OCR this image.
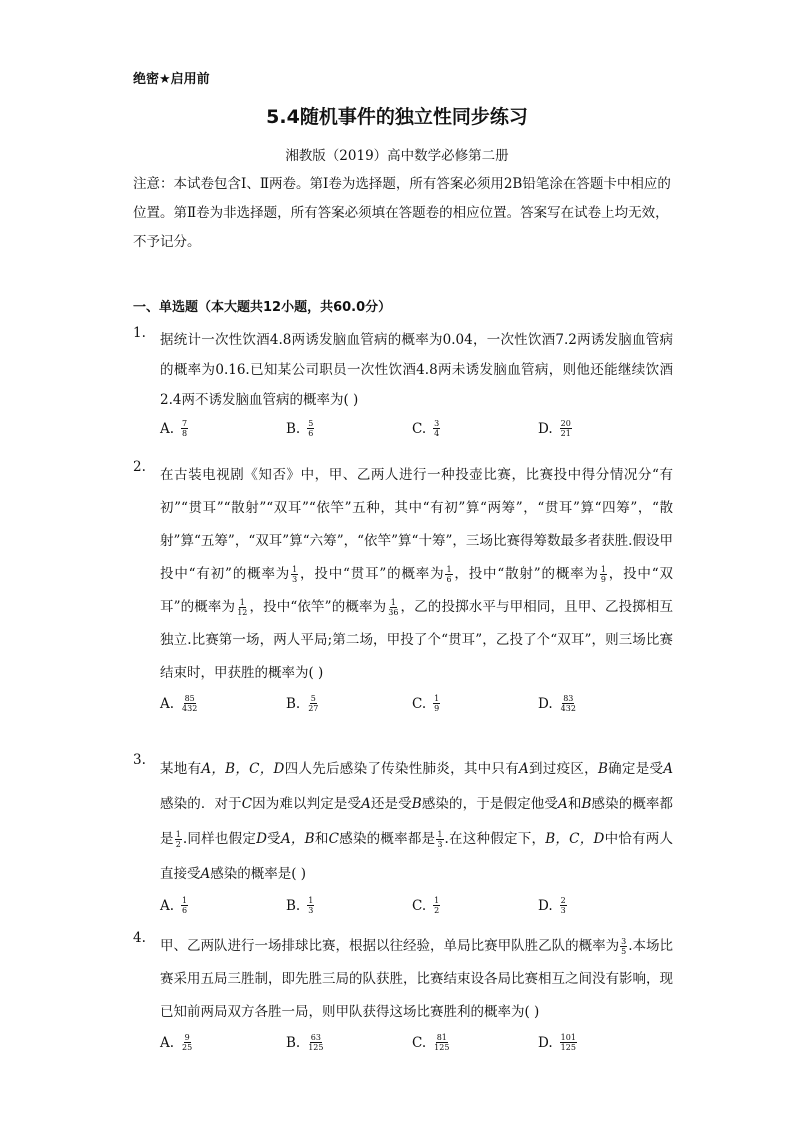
绝密★启用前
5.4随机事件的独立性同步练习
湘教版（2019）高中数学必修第二册
注意：本试卷包含Ⅰ、Ⅱ两卷。第Ⅰ卷为选择题，所有答案必须用2B铅笔涂在答题卡中相应的位置。第Ⅱ卷为非选择题，所有答案必须填在答题卷的相应位置。答案写在试卷上均无效，不予记分。
一、单选题（本大题共12小题，共60.0分）
1. 据统计一次性饮酒4.8两诱发脑血管病的概率为0.04，一次性饮酒7.2两诱发脑血管病的概率为0.16.已知某公司职员一次性饮酒4.8两未诱发脑血管病，则他还能继续饮酒2.4两不诱发脑血管病的概率为( )
A. $\frac{7}{8}$	B. $\frac{5}{6}$	C. $\frac{3}{4}$	D. $\frac{20}{21}$
2. 在古装电视剧《知否》中，甲、乙两人进行一种投壶比赛，比赛投中得分情况分“有初”“贯耳”“散射”“双耳”“依竿”五种，其中“有初”算“两筹”，“贯耳”算“四筹”，“散射”算“五筹”，“双耳”算“六筹”，“依竿”算“十筹”，三场比赛得筹数最多者获胜.假设甲投中“有初”的概率为 $\frac{1}{3}$ ，投中“贯耳”的概率为 $\frac{1}{6}$ ，投中“散射”的概率为 $\frac{1}{9}$ ，投中“双耳”的概率为 $\frac{1}{12}$ ，投中“依竿”的概率为 $\frac{1}{36}$ ，乙的投掷水平与甲相同，且甲、乙投掷相互独立.比赛第一场，两人平局;第二场，甲投了个“贯耳”，乙投了个“双耳”，则三场比赛结束时，甲获胜的概率为( )
A. $\frac{85}{432}$	B. $\frac{5}{27}$	C. $\frac{1}{9}$	D. $\frac{83}{432}$
3.
某地有A，B，C，D四人先后感染了传染性肺炎，其中只有A到过疫区，B确定是受A感染的．对于C因为难以判定是受A还是受B感染的，于是假定他受A和B感染的概率都是 $\frac{1}{2}$ .同样也假定D受A，B和C感染的概率都是 $\frac{1}{3}$ .在这种假定下，B，C，D中恰有两人直接受A感染的概率是( )
A. $\frac{1}{6}$	B. $\frac{1}{3}$	C. $\frac{1}{2}$	D. $\frac{2}{3}$
4. 甲、乙两队进行一场排球比赛，根据以往经验，单局比赛甲队胜乙队的概率为 $\frac{3}{5}$ .本场比赛采用五局三胜制，即先胜三局的队获胜，比赛结束设各局比赛相互之间没有影响，现已知前两局双方各胜一局，则甲队获得这场比赛胜利的概率为( )
A. $\frac{9}{25}$	B. $\frac{63}{125}$	C. $\frac{81}{125}$	D. $\frac{101}{125}$
